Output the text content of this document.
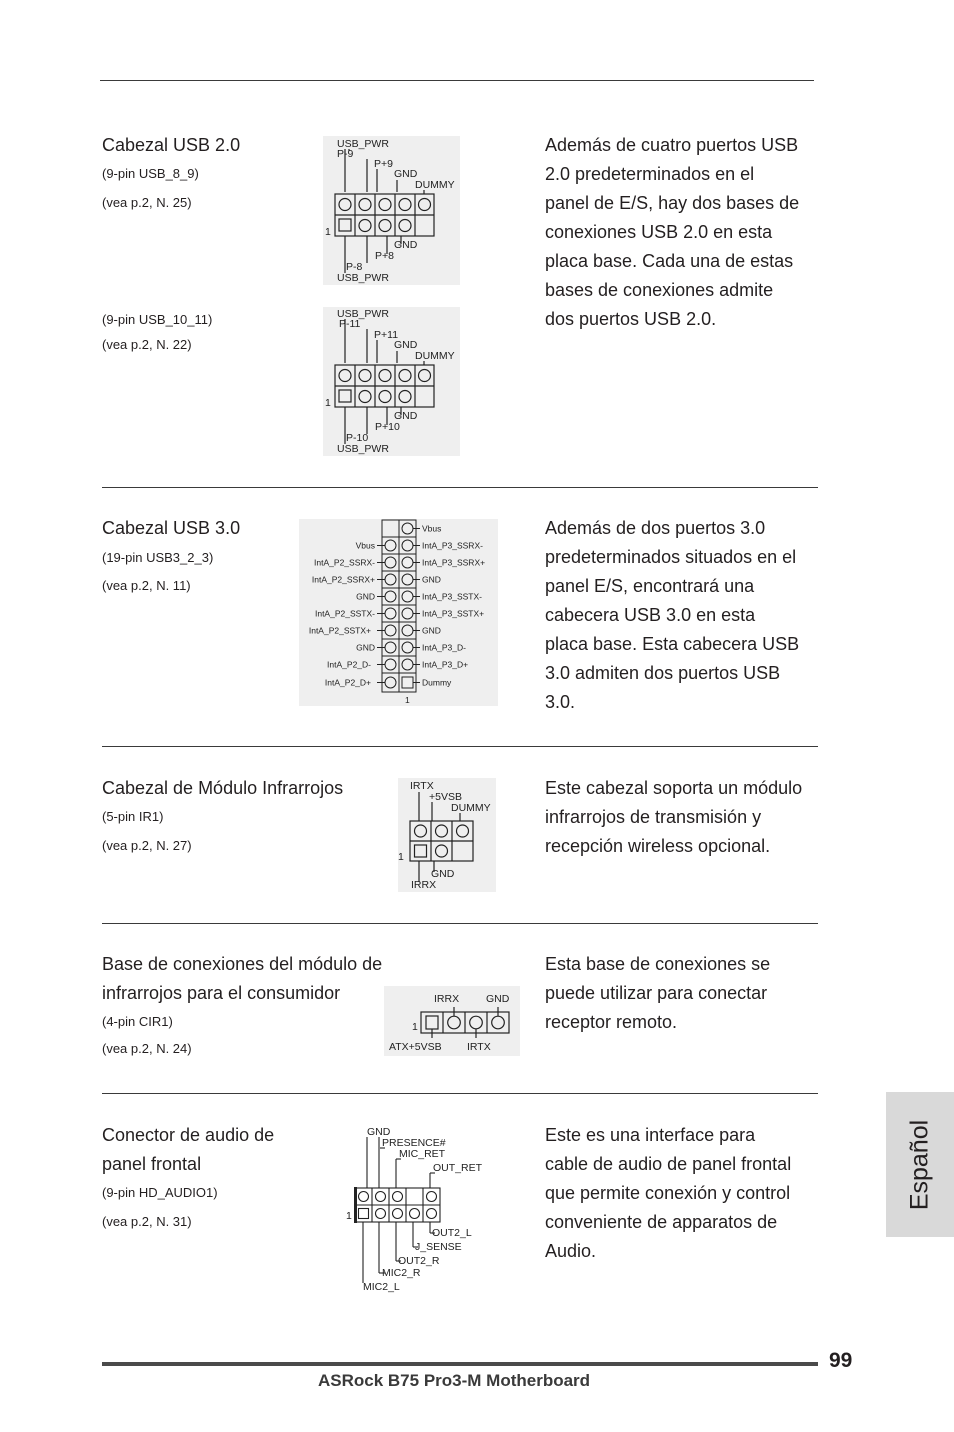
Cabezal USB 2.0
(9-pin USB_8_9)
(vea p.2, N. 25)
(9-pin USB_10_11)
(vea p.2, N. 22)
USB_PWR
P-9
P+9
GND
DUMMY
1
GND
P+8
P-8
USB_PWR
USB_PWR
P-11
P+11
GND
DUMMY
1
GND
P+10
P-10
USB_PWR
Además de cuatro puertos USB
2.0 predeterminados en el
panel de E/S, hay dos bases de
conexiones USB 2.0 en esta
placa base. Cada una de estas
bases de conexiones admite
dos puertos USB 2.0.
Cabezal USB 3.0
(19-pin USB3_2_3)
(vea p.2, N. 11)
Vbus
IntA_P2_SSRX-
IntA_P2_SSRX+
GND
IntA_P2_SSTX-
IntA_P2_SSTX+
GND
IntA_P2_D-
IntA_P2_D+
Vbus
IntA_P3_SSRX-
IntA_P3_SSRX+
GND
IntA_P3_SSTX-
IntA_P3_SSTX+
GND
IntA_P3_D-
IntA_P3_D+
Dummy
1
Además de dos puertos 3.0
predeterminados situados en el
panel E/S, encontrará una
cabecera USB 3.0 en esta
placa base. Esta cabecera USB
3.0 admiten dos puertos USB
3.0.
Cabezal de Módulo Infrarrojos
(5-pin IR1)
(vea p.2, N. 27)
IRTX
+5VSB
DUMMY
1
GND
IRRX
Este cabezal soporta un módulo
infrarrojos de transmisión y
recepción wireless opcional.
Base de conexiones del módulo de
infrarrojos para el consumidor
(4-pin CIR1)
(vea p.2, N. 24)
IRRX	GND
1
ATX+5VSB IRTX
Esta base de conexiones se
puede utilizar para conectar
receptor remoto.
Conector de audio de
panel frontal
(9-pin HD_AUDIO1)
(vea p.2, N. 31)
GND
PRESENCE#
MIC_RET
OUT_RET
1
OUT2_L
J_SENSE
OUT2_R
MIC2_R
MIC2_L
Este es una interface para
cable de audio de panel frontal
que permite conexión y control
conveniente de apparatos de
Audio.
Español
99
ASRock B75 Pro3-M Motherboard
